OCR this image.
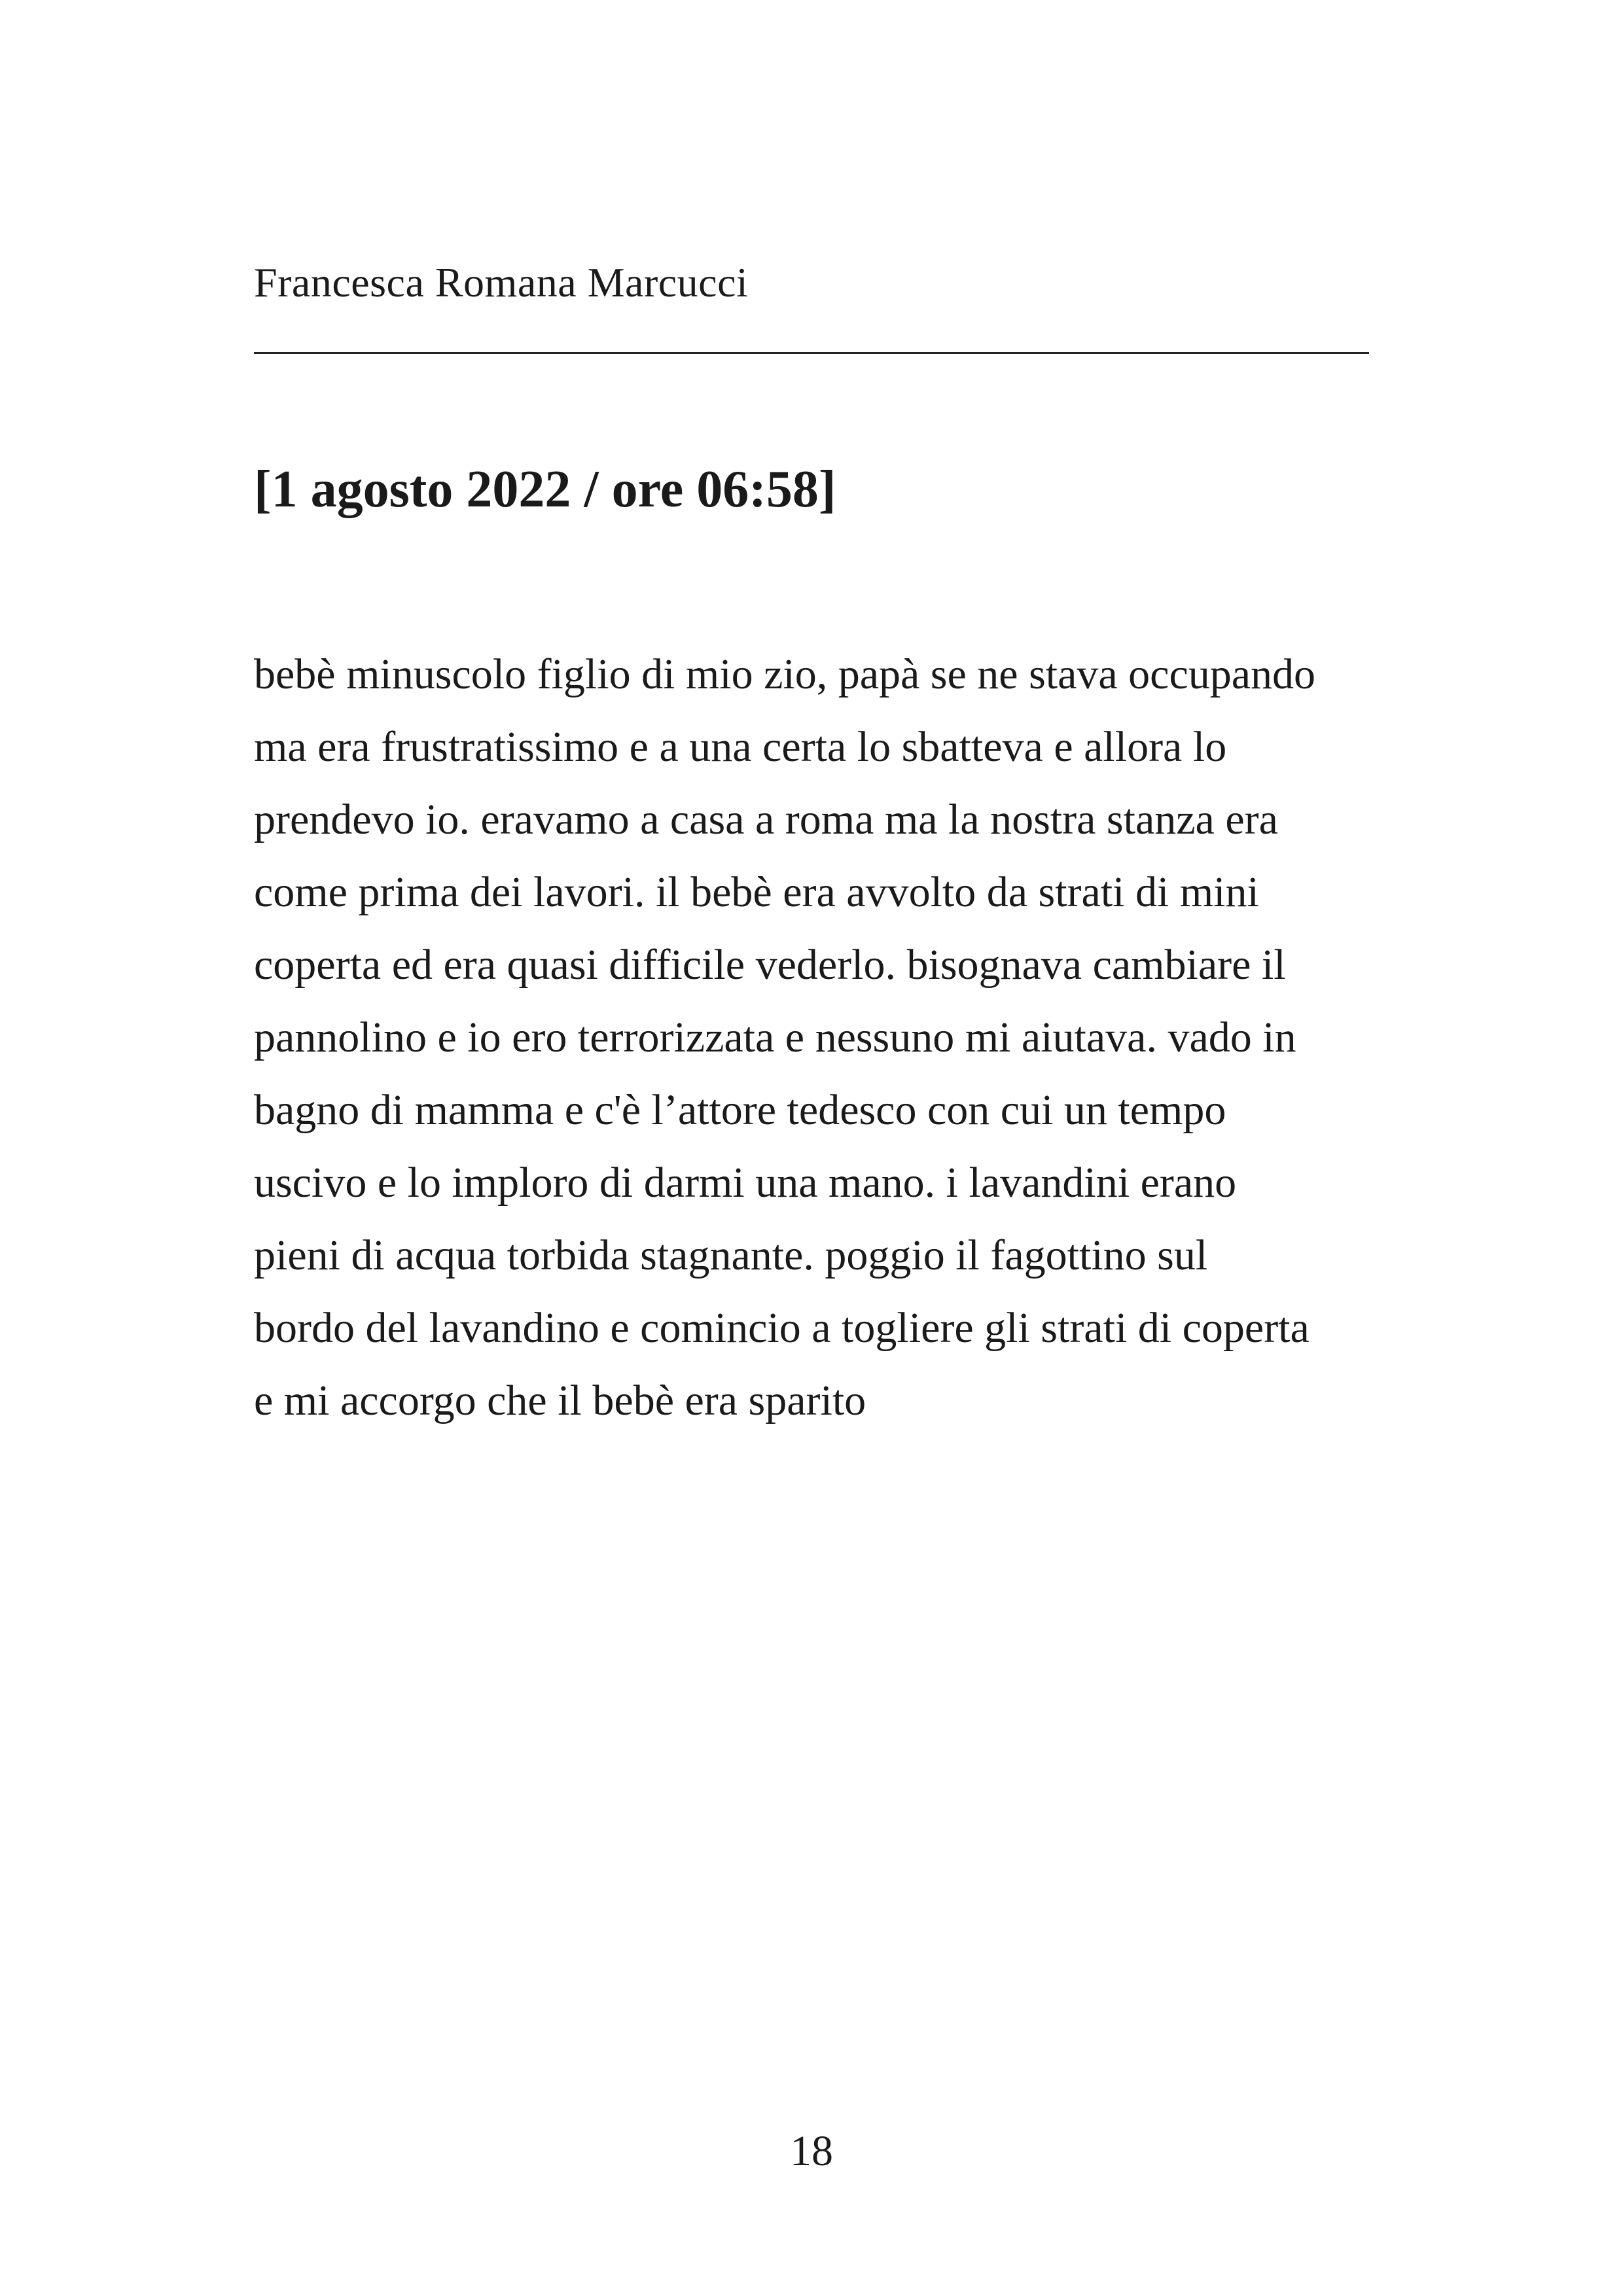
Francesca Romana Marcucci
[1 agosto 2022 / ore 06:58]
bebè minuscolo figlio di mio zio, papà se ne stava occupando
ma era frustratissimo e a una certa lo sbatteva e allora lo
prendevo io. eravamo a casa a roma ma la nostra stanza era
come prima dei lavori. il bebè era avvolto da strati di mini
coperta ed era quasi difficile vederlo. bisognava cambiare il
pannolino e io ero terrorizzata e nessuno mi aiutava. vado in
bagno di mamma e c'è l’attore tedesco con cui un tempo
uscivo e lo imploro di darmi una mano. i lavandini erano
pieni di acqua torbida stagnante. poggio il fagottino sul
bordo del lavandino e comincio a togliere gli strati di coperta
e mi accorgo che il bebè era sparito
18
